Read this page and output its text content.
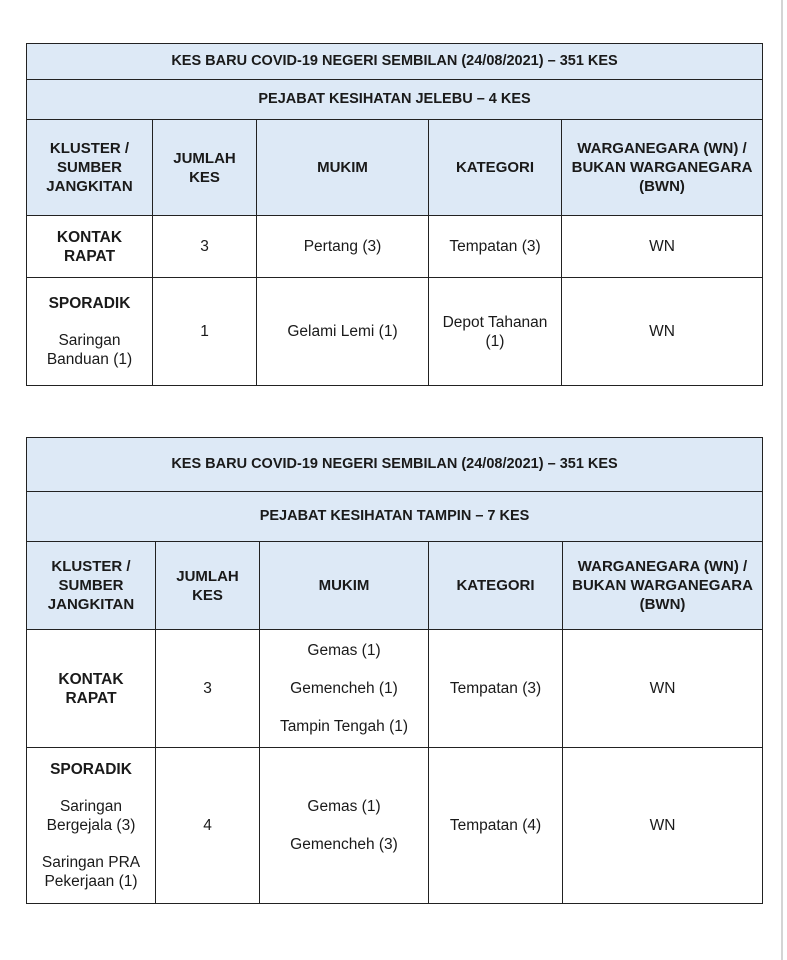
KES BARU COVID-19 NEGERI SEMBILAN (24/08/2021) – 351 KES				
PEJABAT KESIHATAN JELEBU – 4 KES				
KLUSTER / SUMBER JANGKITAN	JUMLAH KES	MUKIM	KATEGORI	WARGANEGARA (WN) / BUKAN WARGANEGARA (BWN)
KONTAK RAPAT	3	Pertang (3)	Tempatan (3)	WN

SPORADIK
Saringan Banduan (1)	1	Gelami Lemi (1)	Depot Tahanan (1)	WN
KES BARU COVID-19 NEGERI SEMBILAN (24/08/2021) – 351 KES				
PEJABAT KESIHATAN TAMPIN – 7 KES				
KLUSTER / SUMBER JANGKITAN	JUMLAH KES	MUKIM	KATEGORI	WARGANEGARA (WN) / BUKAN WARGANEGARA (BWN)
KONTAK RAPAT	3	Gemas (1)
Gemencheh (1)
Tampin Tengah (1)	Tempatan (3)	WN

SPORADIK
Saringan Bergejala (3)
Saringan PRA Pekerjaan (1)	4	Gemas (1)
Gemencheh (3)	Tempatan (4)	WN
